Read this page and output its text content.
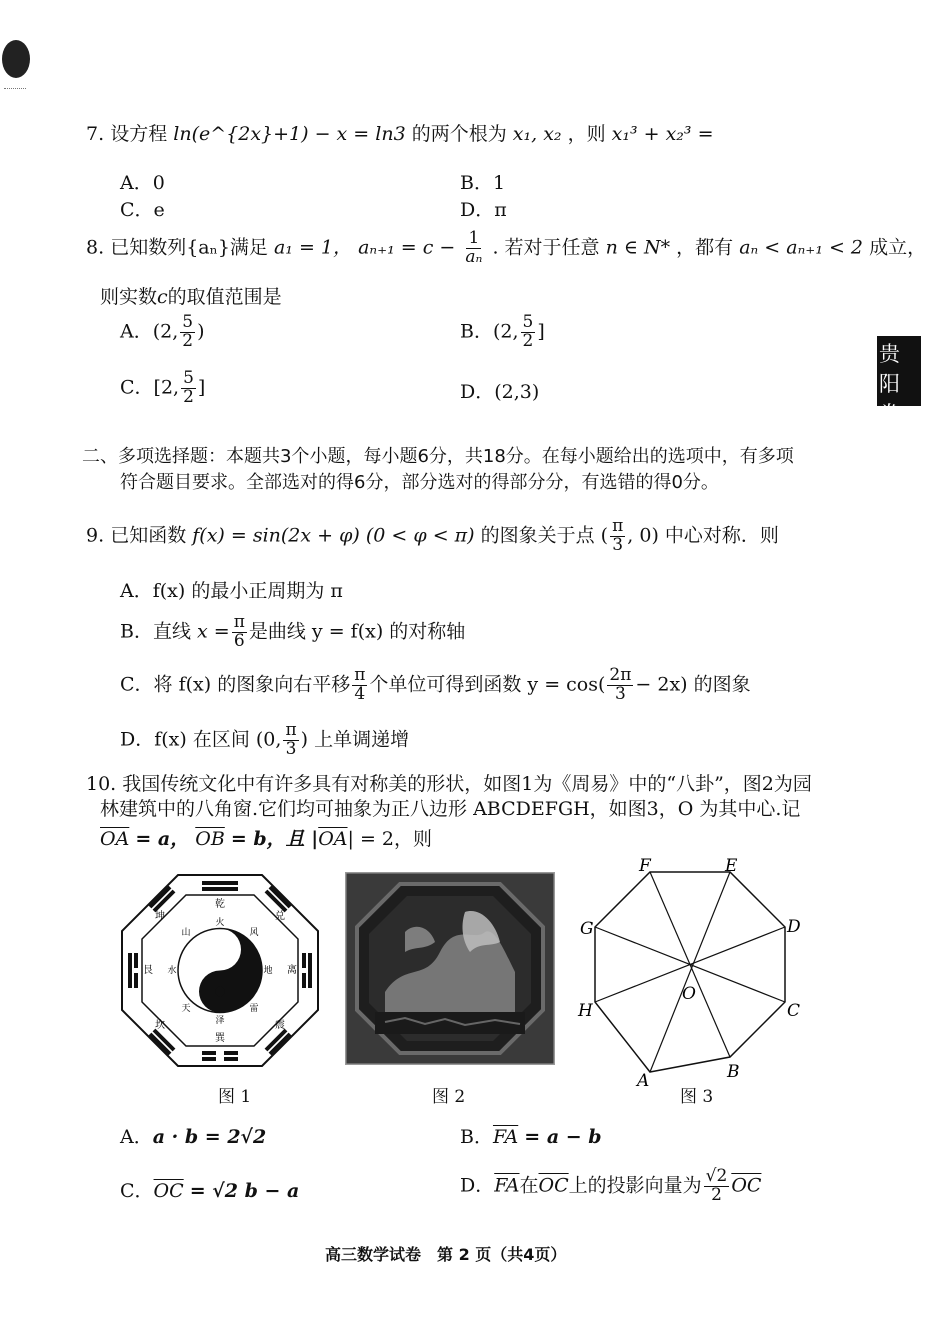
贵阳
卷
7. 设方程 ln(e^{2x}+1) − x = ln3 的两个根为 x₁, x₂ ，则 x₁³ + x₂³ =
A．0	B．1
C．e	D．π
8. 已知数列{aₙ}满足 a₁ = 1， $a_{n+1} = c - \frac{1}{\text{aₙ}}$ . 若对于任意 n ∈ N* ，都有 aₙ < aₙ₊₁ < 2 成立，
则实数c的取值范围是
A．(2, $\frac{5}{2}$ )	B．(2, $\frac{5}{2}$ ]
C．[2, $\frac{5}{2}$ ]	D．(2,3)
二、多项选择题：本题共3个小题，每小题6分，共18分。在每小题给出的选项中，有多项
符合题目要求。全部选对的得6分，部分选对的得部分分，有选错的得0分。
9. 已知函数 f(x) = sin(2x + φ) (0 < φ < π) 的图象关于点 ( $\frac{\pi}{3}$ , 0) 中心对称．则
A．f(x) 的最小正周期为 π
B．直线 $x = \frac{\pi}{6}$ 是曲线 y = f(x) 的对称轴
C．将 f(x) 的图象向右平移 $\frac{\pi}{4}$ 个单位可得到函数 $y = \cos( \frac{2\pi}{3} - 2x)$ 的图象
D．f(x) 在区间 (0, $\frac{\pi}{3}$ ) 上单调递增
10. 我国传统文化中有许多具有对称美的形状，如图1为《周易》中的“八卦”，图2为园
林建筑中的八角窗.它们均可抽象为正八边形 ABCDEFGH，如图3，O 为其中心.记
$\overline{OA} = a$， $\overline{OB} = b$，且 $|\overline{OA}| = 2$，则
乾
兑
离
震
巽
坎
艮
坤
火
风
地
雷
泽
天
水
山
A	B
C
D
E
F
G
H
O
图 1	图 2	图 3
A．a · b = 2√2	B．$\overline{FA} = a - b$
C．$\overline{OC} = √2$ b − a	D．$\overline{FA}$在$\overline{OC}$上的投影向量为 $\frac{√2}{2} \overline{OC}$
高三数学试卷　第 2 页（共4页）
